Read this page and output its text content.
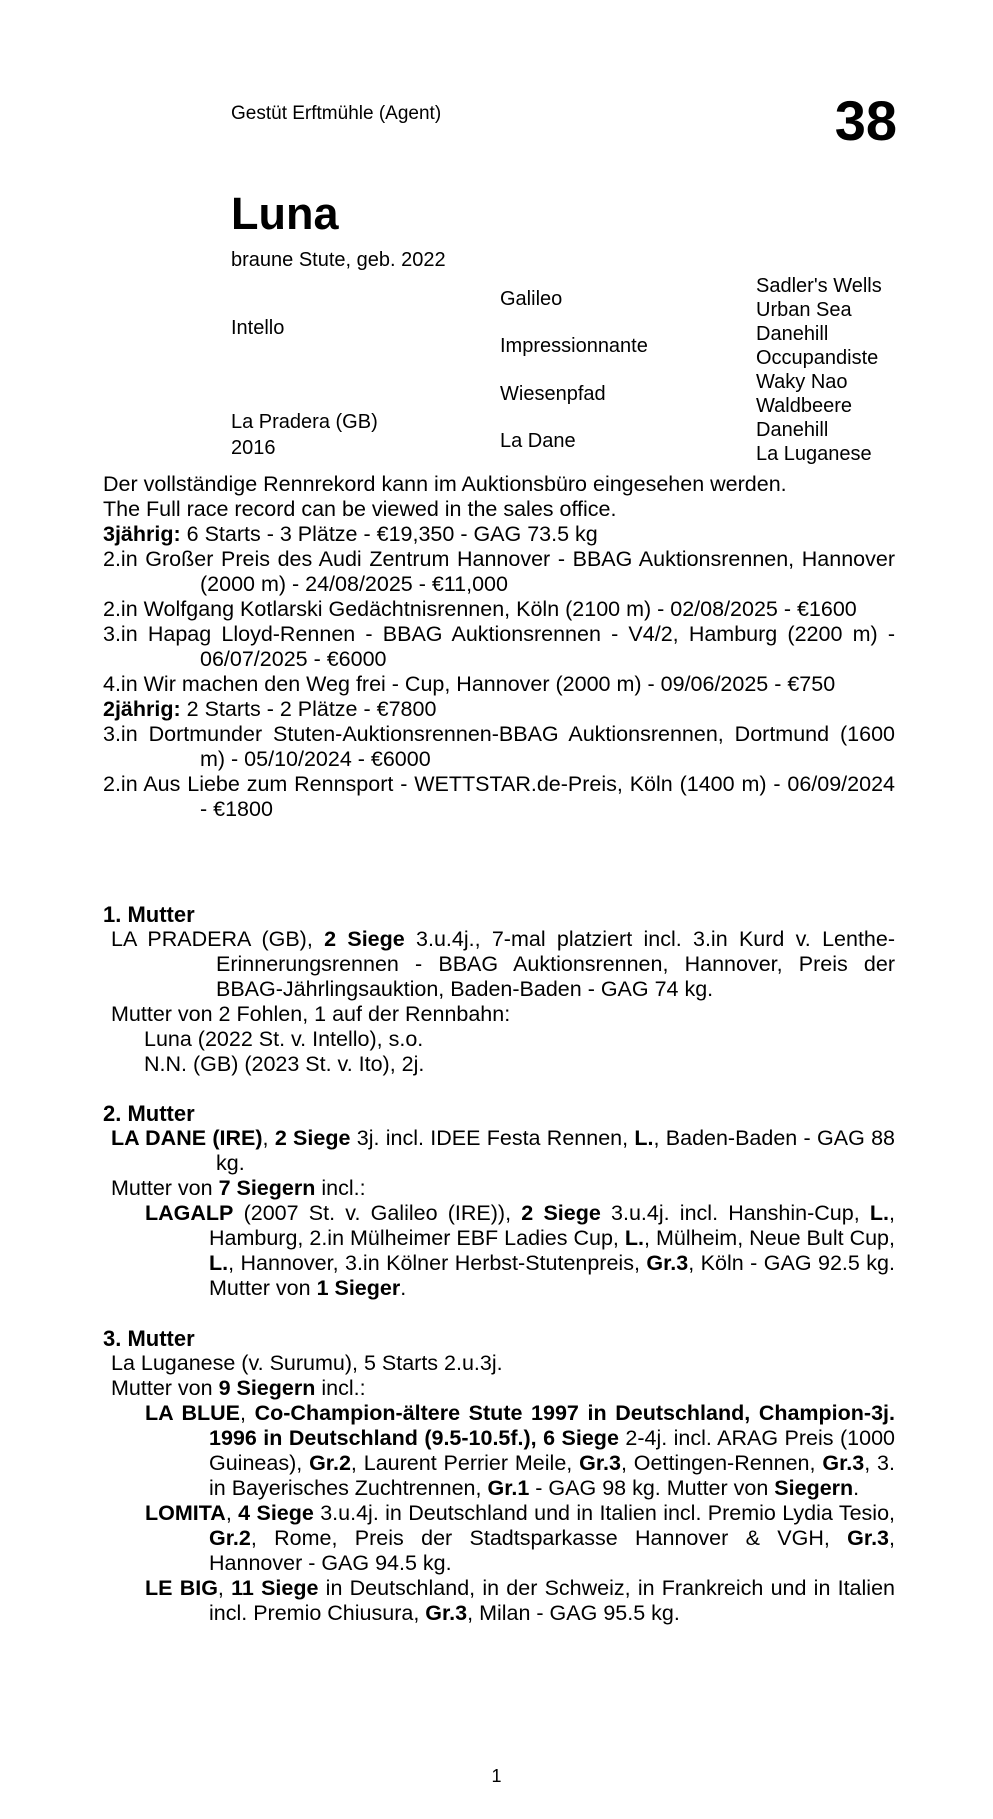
Gestüt Erftmühle (Agent)	38
Luna
braune Stute, geb. 2022
Intello
La Pradera (GB)
2016
Galileo
Impressionnante
Wiesenpfad
La Dane
Sadler's Wells
Urban Sea
Danehill
Occupandiste
Waky Nao
Waldbeere
Danehill
La Luganese
Der vollständige Rennrekord kann im Auktionsbüro eingesehen werden.
The Full race record can be viewed in the sales office.
3jährig: 6 Starts - 3 Plätze - €19,350 - GAG 73.5 kg
2.in Großer Preis des Audi Zentrum Hannover - BBAG Auktionsrennen, Hannover (2000 m) - 24/08/2025 - €11,000
2.in Wolfgang Kotlarski Gedächtnisrennen, Köln (2100 m) - 02/08/2025 - €1600
3.in Hapag Lloyd-Rennen - BBAG Auktionsrennen - V4/2, Hamburg (2200 m) - 06/07/2025 - €6000
4.in Wir machen den Weg frei - Cup, Hannover (2000 m) - 09/06/2025 - €750
2jährig: 2 Starts - 2 Plätze - €7800
3.in Dortmunder Stuten-Auktionsrennen-BBAG Auktionsrennen, Dortmund (1600 m) - 05/10/2024 - €6000
2.in Aus Liebe zum Rennsport - WETTSTAR.de-Preis, Köln (1400 m) - 06/09/2024 - €1800
1. Mutter
LA PRADERA (GB), 2 Siege 3.u.4j., 7-mal platziert incl. 3.in Kurd v. Lenthe-Erinnerungsrennen - BBAG Auktionsrennen, Hannover, Preis der BBAG-Jährlingsauktion, Baden-Baden - GAG 74 kg.
Mutter von 2 Fohlen, 1 auf der Rennbahn:
Luna (2022 St. v. Intello), s.o.
N.N. (GB) (2023 St. v. Ito), 2j.
2. Mutter
LA DANE (IRE), 2 Siege 3j. incl. IDEE Festa Rennen, L., Baden-Baden - GAG 88 kg.
Mutter von 7 Siegern incl.:
LAGALP (2007 St. v. Galileo (IRE)), 2 Siege 3.u.4j. incl. Hanshin-Cup, L., Hamburg, 2.in Mülheimer EBF Ladies Cup, L., Mülheim, Neue Bult Cup, L., Hannover, 3.in Kölner Herbst-Stutenpreis, Gr.3, Köln - GAG 92.5 kg. Mutter von 1 Sieger.
3. Mutter
La Luganese (v. Surumu), 5 Starts 2.u.3j.
Mutter von 9 Siegern incl.:
LA BLUE, Co-Champion-ältere Stute 1997 in Deutschland, Champion-3j. 1996 in Deutschland (9.5-10.5f.), 6 Siege 2-4j. incl. ARAG Preis (1000 Guineas), Gr.2, Laurent Perrier Meile, Gr.3, Oettingen-Rennen, Gr.3, 3. in Bayerisches Zuchtrennen, Gr.1 - GAG 98 kg. Mutter von Siegern.
LOMITA, 4 Siege 3.u.4j. in Deutschland und in Italien incl. Premio Lydia Tesio, Gr.2, Rome, Preis der Stadtsparkasse Hannover & VGH, Gr.3, Hannover - GAG 94.5 kg.
LE BIG, 11 Siege in Deutschland, in der Schweiz, in Frankreich und in Italien incl. Premio Chiusura, Gr.3, Milan - GAG 95.5 kg.
1
